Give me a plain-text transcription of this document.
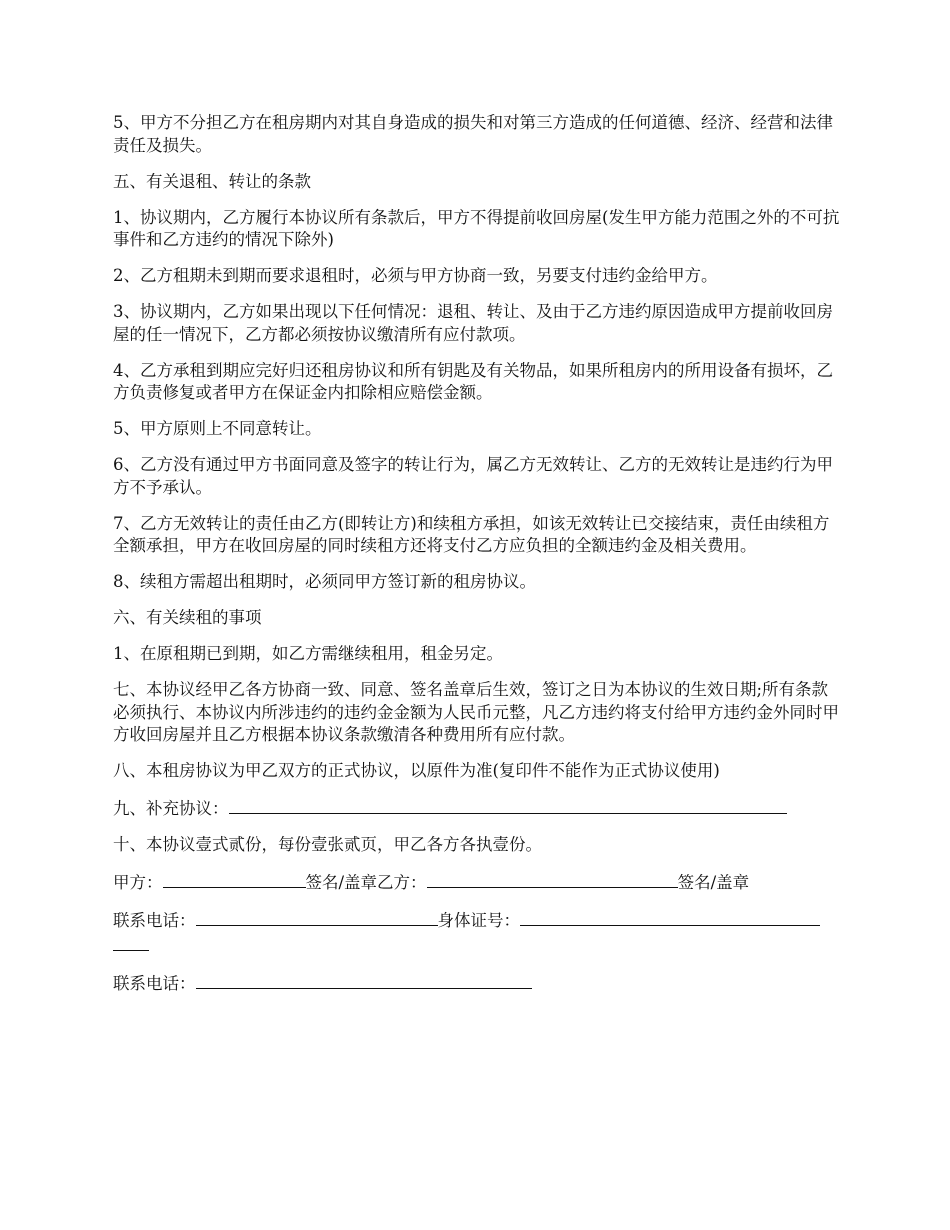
5、甲方不分担乙方在租房期内对其自身造成的损失和对第三方造成的任何道德、经济、经营和法律责任及损失。

五、有关退租、转让的条款

1、协议期内，乙方履行本协议所有条款后，甲方不得提前收回房屋(发生甲方能力范围之外的不可抗事件和乙方违约的情况下除外)

2、乙方租期未到期而要求退租时，必须与甲方协商一致，另要支付违约金给甲方。

3、协议期内，乙方如果出现以下任何情况：退租、转让、及由于乙方违约原因造成甲方提前收回房屋的任一情况下，乙方都必须按协议缴清所有应付款项。

4、乙方承租到期应完好归还租房协议和所有钥匙及有关物品，如果所租房内的所用设备有损坏，乙方负责修复或者甲方在保证金内扣除相应赔偿金额。

5、甲方原则上不同意转让。

6、乙方没有通过甲方书面同意及签字的转让行为，属乙方无效转让、乙方的无效转让是违约行为甲方不予承认。

7、乙方无效转让的责任由乙方(即转让方)和续租方承担，如该无效转让已交接结束，责任由续租方全额承担，甲方在收回房屋的同时续租方还将支付乙方应负担的全额违约金及相关费用。

8、续租方需超出租期时，必须同甲方签订新的租房协议。

六、有关续租的事项

1、在原租期已到期，如乙方需继续租用，租金另定。

七、本协议经甲乙各方协商一致、同意、签名盖章后生效，签订之日为本协议的生效日期;所有条款必须执行、本协议内所涉违约的违约金金额为人民币元整，凡乙方违约将支付给甲方违约金外同时甲方收回房屋并且乙方根据本协议条款缴清各种费用所有应付款。

八、本租房协议为甲乙双方的正式协议，以原件为准(复印件不能作为正式协议使用)

九、补充协议：

十、本协议壹式贰份，每份壹张贰页，甲乙各方各执壹份。

甲方：	签名/盖章乙方：	签名/盖章

联系电话：	身体证号：

联系电话：
